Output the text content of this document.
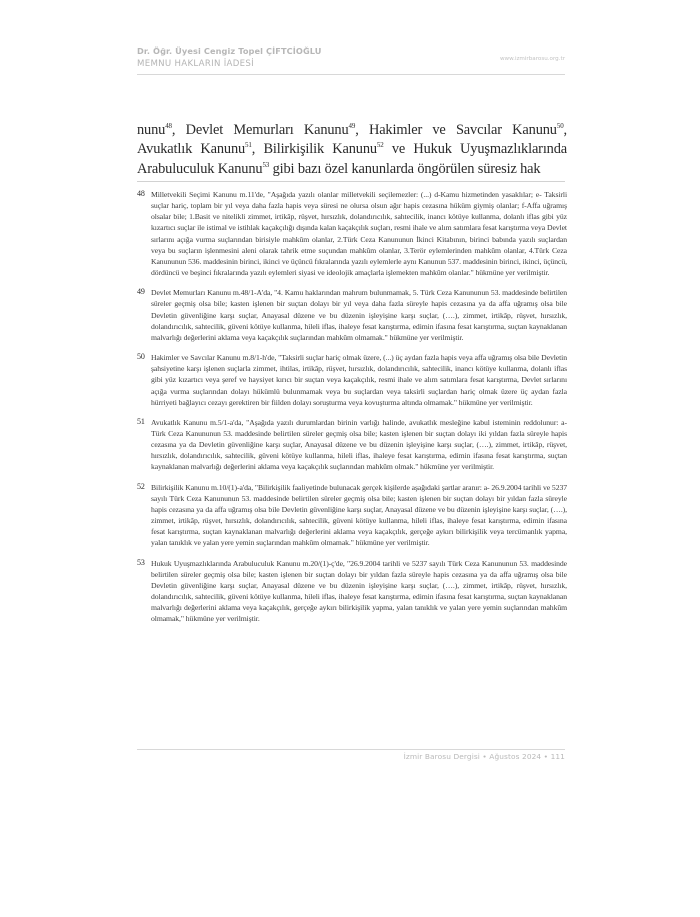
Dr. Öğr. Üyesi Cengiz Topel ÇİFTCİOĞLU
MEMNU HAKLARIN İADESİ	www.izmirbarosu.org.tr
nunu$^{48}$, Devlet Memurları Kanunu$^{49}$, Hakimler ve Savcılar Kanunu$^{50}$, Avukatlık Kanunu$^{51}$, Bilirkişilik Kanunu$^{52}$ ve Hukuk Uyuşmazlıklarında Arabuluculuk Kanunu$^{53}$ gibi bazı özel kanunlarda öngörülen süresiz hak
48 Milletvekili Seçimi Kanunu m.11'de, "Aşağıda yazılı olanlar milletvekili seçilemezler: (...) d-Kamu hizmetinden yasaklılar; e- Taksirli suçlar hariç, toplam bir yıl veya daha fazla hapis veya süresi ne olursa olsun ağır hapis cezasına hüküm giymiş olanlar; f-Affa uğramış olsalar bile; 1.Basit ve nitelikli zimmet, irtikâp, rüşvet, hırsızlık, dolandırıcılık, sahtecilik, inancı kötüye kullanma, dolanlı iflas gibi yüz kızartıcı suçlar ile istimal ve istihlak kaçakçılığı dışında kalan kaçakçılık suçları, resmi ihale ve alım satımlara fesat karıştırma veya Devlet sırlarını açığa vurma suçlarından birisiyle mahkûm olanlar, 2.Türk Ceza Kanununun İkinci Kitabının, birinci babında yazılı suçlardan veya bu suçların işlenmesini aleni olarak tahrik etme suçundan mahkûm olanlar, 3.Terör eylemlerinden mahkûm olanlar, 4.Türk Ceza Kanununun 536. maddesinin birinci, ikinci ve üçüncü fıkralarında yazılı eylemlerle aynı Kanunun 537. maddesinin birinci, ikinci, üçüncü, dördüncü ve beşinci fıkralarında yazılı eylemleri siyasi ve ideolojik amaçlarla işlemekten mahkûm olanlar." hükmüne yer verilmiştir.
49 Devlet Memurları Kanunu m.48/1-A'da, "4. Kamu haklarından mahrum bulunmamak, 5. Türk Ceza Kanununun 53. maddesinde belirtilen süreler geçmiş olsa bile; kasten işlenen bir suçtan dolayı bir yıl veya daha fazla süreyle hapis cezasına ya da affa uğramış olsa bile Devletin güvenliğine karşı suçlar, Anayasal düzene ve bu düzenin işleyişine karşı suçlar, (….), zimmet, irtikâp, rüşvet, hırsızlık, dolandırıcılık, sahtecilik, güveni kötüye kullanma, hileli iflas, ihaleye fesat karıştırma, edimin ifasına fesat karıştırma, suçtan kaynaklanan malvarlığı değerlerini aklama veya kaçakçılık suçlarından mahkûm olmamak." hükmüne yer verilmiştir.
50 Hakimler ve Savcılar Kanunu m.8/1-h'de, "Taksirli suçlar hariç olmak üzere, (...) üç aydan fazla hapis veya affa uğramış olsa bile Devletin şahsiyetine karşı işlenen suçlarla zimmet, ihtilas, irtikâp, rüşvet, hırsızlık, dolandırıcılık, sahtecilik, inancı kötüye kullanma, dolanlı iflas gibi yüz kızartıcı veya şeref ve haysiyet kırıcı bir suçtan veya kaçakçılık, resmi ihale ve alım satımlara fesat karıştırma, Devlet sırlarını açığa vurma suçlarından dolayı hükümlü bulunmamak veya bu suçlardan veya taksirli suçlardan hariç olmak üzere üç aydan fazla hürriyeti bağlayıcı cezayı gerektiren bir fiilden dolayı soruşturma veya kovuşturma altında olmamak." hükmüne yer verilmiştir.
51 Avukatlık Kanunu m.5/1-a'da, "Aşağıda yazılı durumlardan birinin varlığı halinde, avukatlık mesleğine kabul isteminin reddolunur: a-Türk Ceza Kanununun 53. maddesinde belirtilen süreler geçmiş olsa bile; kasten işlenen bir suçtan dolayı iki yıldan fazla süreyle hapis cezasına ya da Devletin güvenliğine karşı suçlar, Anayasal düzene ve bu düzenin işleyişine karşı suçlar, (….), zimmet, irtikâp, rüşvet, hırsızlık, dolandırıcılık, sahtecilik, güveni kötüye kullanma, hileli iflas, ihaleye fesat karıştırma, edimin ifasına fesat karıştırma, suçtan kaynaklanan malvarlığı değerlerini aklama veya kaçakçılık suçlarından mahkûm olmak." hükmüne yer verilmiştir.
52 Bilirkişilik Kanunu m.10/(1)-a'da, "Bilirkişilik faaliyetinde bulunacak gerçek kişilerde aşağıdaki şartlar aranır: a- 26.9.2004 tarihli ve 5237 sayılı Türk Ceza Kanununun 53. maddesinde belirtilen süreler geçmiş olsa bile; kasten işlenen bir suçtan dolayı bir yıldan fazla süreyle hapis cezasına ya da affa uğramış olsa bile Devletin güvenliğine karşı suçlar, Anayasal düzene ve bu düzenin işleyişine karşı suçlar, (….), zimmet, irtikâp, rüşvet, hırsızlık, dolandırıcılık, sahtecilik, güveni kötüye kullanma, hileli iflas, ihaleye fesat karıştırma, edimin ifasına fesat karıştırma, suçtan kaynaklanan malvarlığı değerlerini aklama veya kaçakçılık, gerçeğe aykırı bilirkişilik veya tercümanlık yapma, yalan tanıklık ve yalan yere yemin suçlarından mahkûm olmamak." hükmüne yer verilmiştir.
53 Hukuk Uyuşmazlıklarında Arabuluculuk Kanunu m.20/(1)-ç'de, "26.9.2004 tarihli ve 5237 sayılı Türk Ceza Kanununun 53. maddesinde belirtilen süreler geçmiş olsa bile; kasten işlenen bir suçtan dolayı bir yıldan fazla süreyle hapis cezasına ya da affa uğramış olsa bile Devletin güvenliğine karşı suçlar, Anayasal düzene ve bu düzenin işleyişine karşı suçlar, (….), zimmet, irtikâp, rüşvet, hırsızlık, dolandırıcılık, sahtecilik, güveni kötüye kullanma, hileli iflas, ihaleye fesat karıştırma, edimin ifasına fesat karıştırma, suçtan kaynaklanan malvarlığı değerlerini aklama veya kaçakçılık, gerçeğe aykırı bilirkişilik yapma, yalan tanıklık ve yalan yere yemin suçlarından mahkûm olmamak," hükmüne yer verilmiştir.
İzmir Barosu Dergisi • Ağustos 2024 • 111
